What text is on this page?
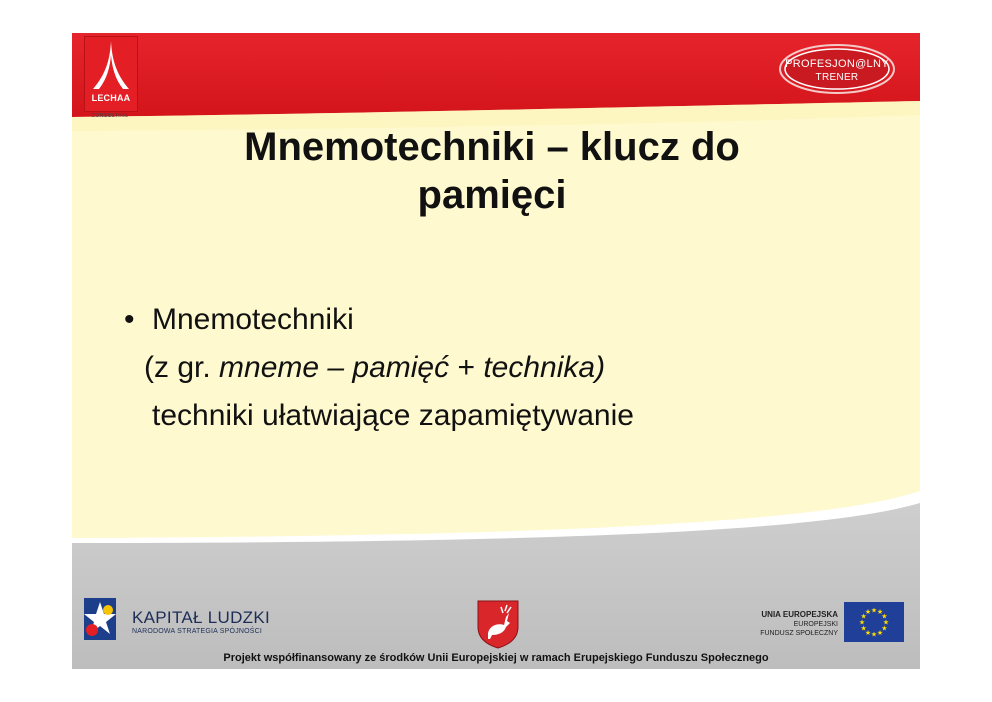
LECHAA
CONSULTING
PROFESJON@LNY
TRENER
Mnemotechniki – klucz do
pamięci
• Mnemotechniki
(z gr. mneme – pamięć + technika)
techniki ułatwiające zapamiętywanie
KAPITAŁ LUDZKI
NARODOWA STRATEGIA SPÓJNOŚCI
UNIA EUROPEJSKA
EUROPEJSKI
FUNDUSZ SPOŁECZNY
★
★
★
★
★
★
★
★
★ ★ ★
★
Projekt współfinansowany ze środków Unii Europejskiej w ramach Erupejskiego Funduszu Społecznego
